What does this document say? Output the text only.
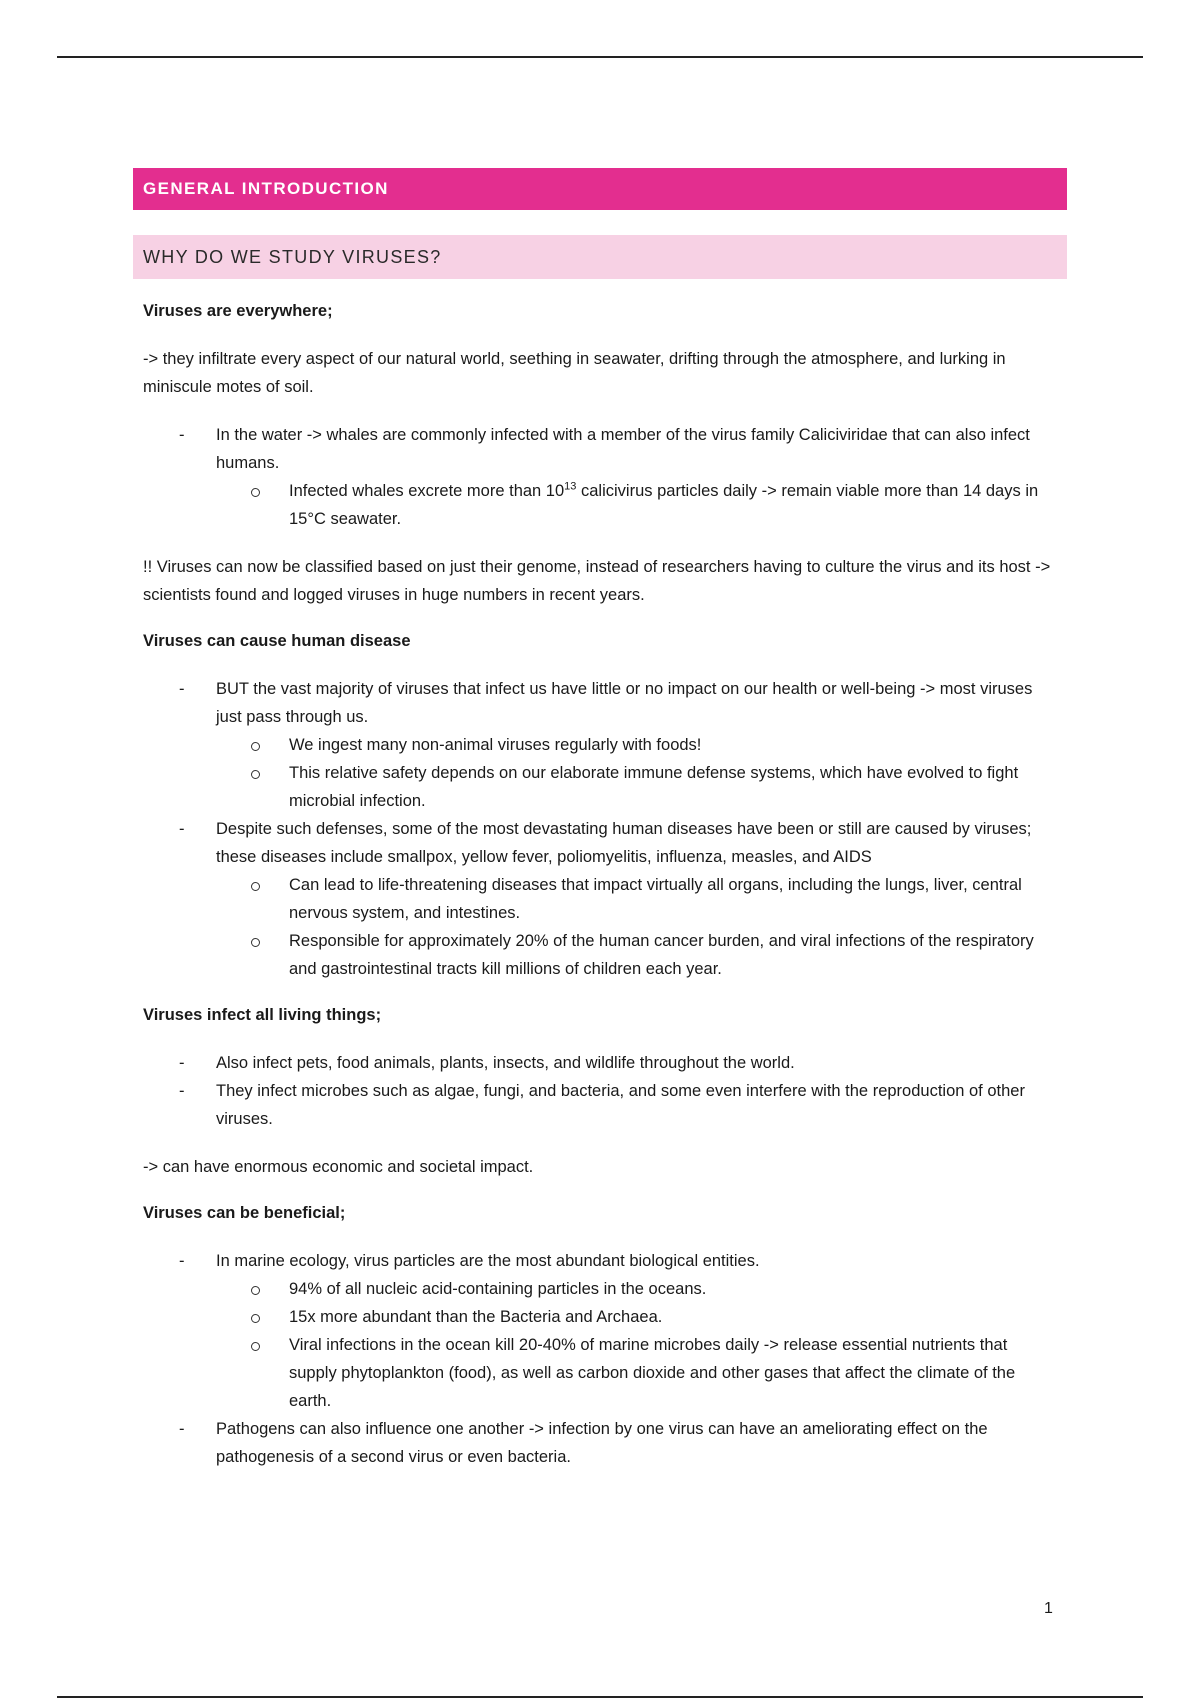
GENERAL INTRODUCTION
WHY DO WE STUDY VIRUSES?
Viruses are everywhere;
-> they infiltrate every aspect of our natural world, seething in seawater, drifting through the atmosphere, and lurking in miniscule motes of soil.
- In the water -> whales are commonly infected with a member of the virus family Caliciviridae that can also infect humans.
Infected whales excrete more than $10^{13}$ calicivirus particles daily -> remain viable more than 14 days in 15°C seawater.
!! Viruses can now be classified based on just their genome, instead of researchers having to culture the virus and its host -> scientists found and logged viruses in huge numbers in recent years.
Viruses can cause human disease
- BUT the vast majority of viruses that infect us have little or no impact on our health or well-being -> most viruses just pass through us.
We ingest many non-animal viruses regularly with foods!
This relative safety depends on our elaborate immune defense systems, which have evolved to fight microbial infection.
- Despite such defenses, some of the most devastating human diseases have been or still are caused by viruses; these diseases include smallpox, yellow fever, poliomyelitis, influenza, measles, and AIDS
Can lead to life-threatening diseases that impact virtually all organs, including the lungs, liver, central nervous system, and intestines.
Responsible for approximately 20% of the human cancer burden, and viral infections of the respiratory and gastrointestinal tracts kill millions of children each year.
Viruses infect all living things;
- Also infect pets, food animals, plants, insects, and wildlife throughout the world.
- They infect microbes such as algae, fungi, and bacteria, and some even interfere with the reproduction of other viruses.
-> can have enormous economic and societal impact.
Viruses can be beneficial;
- In marine ecology, virus particles are the most abundant biological entities.
94% of all nucleic acid-containing particles in the oceans.
15x more abundant than the Bacteria and Archaea.
Viral infections in the ocean kill 20-40% of marine microbes daily -> release essential nutrients that supply phytoplankton (food), as well as carbon dioxide and other gases that affect the climate of the earth.
- Pathogens can also influence one another -> infection by one virus can have an ameliorating effect on the pathogenesis of a second virus or even bacteria.
1
